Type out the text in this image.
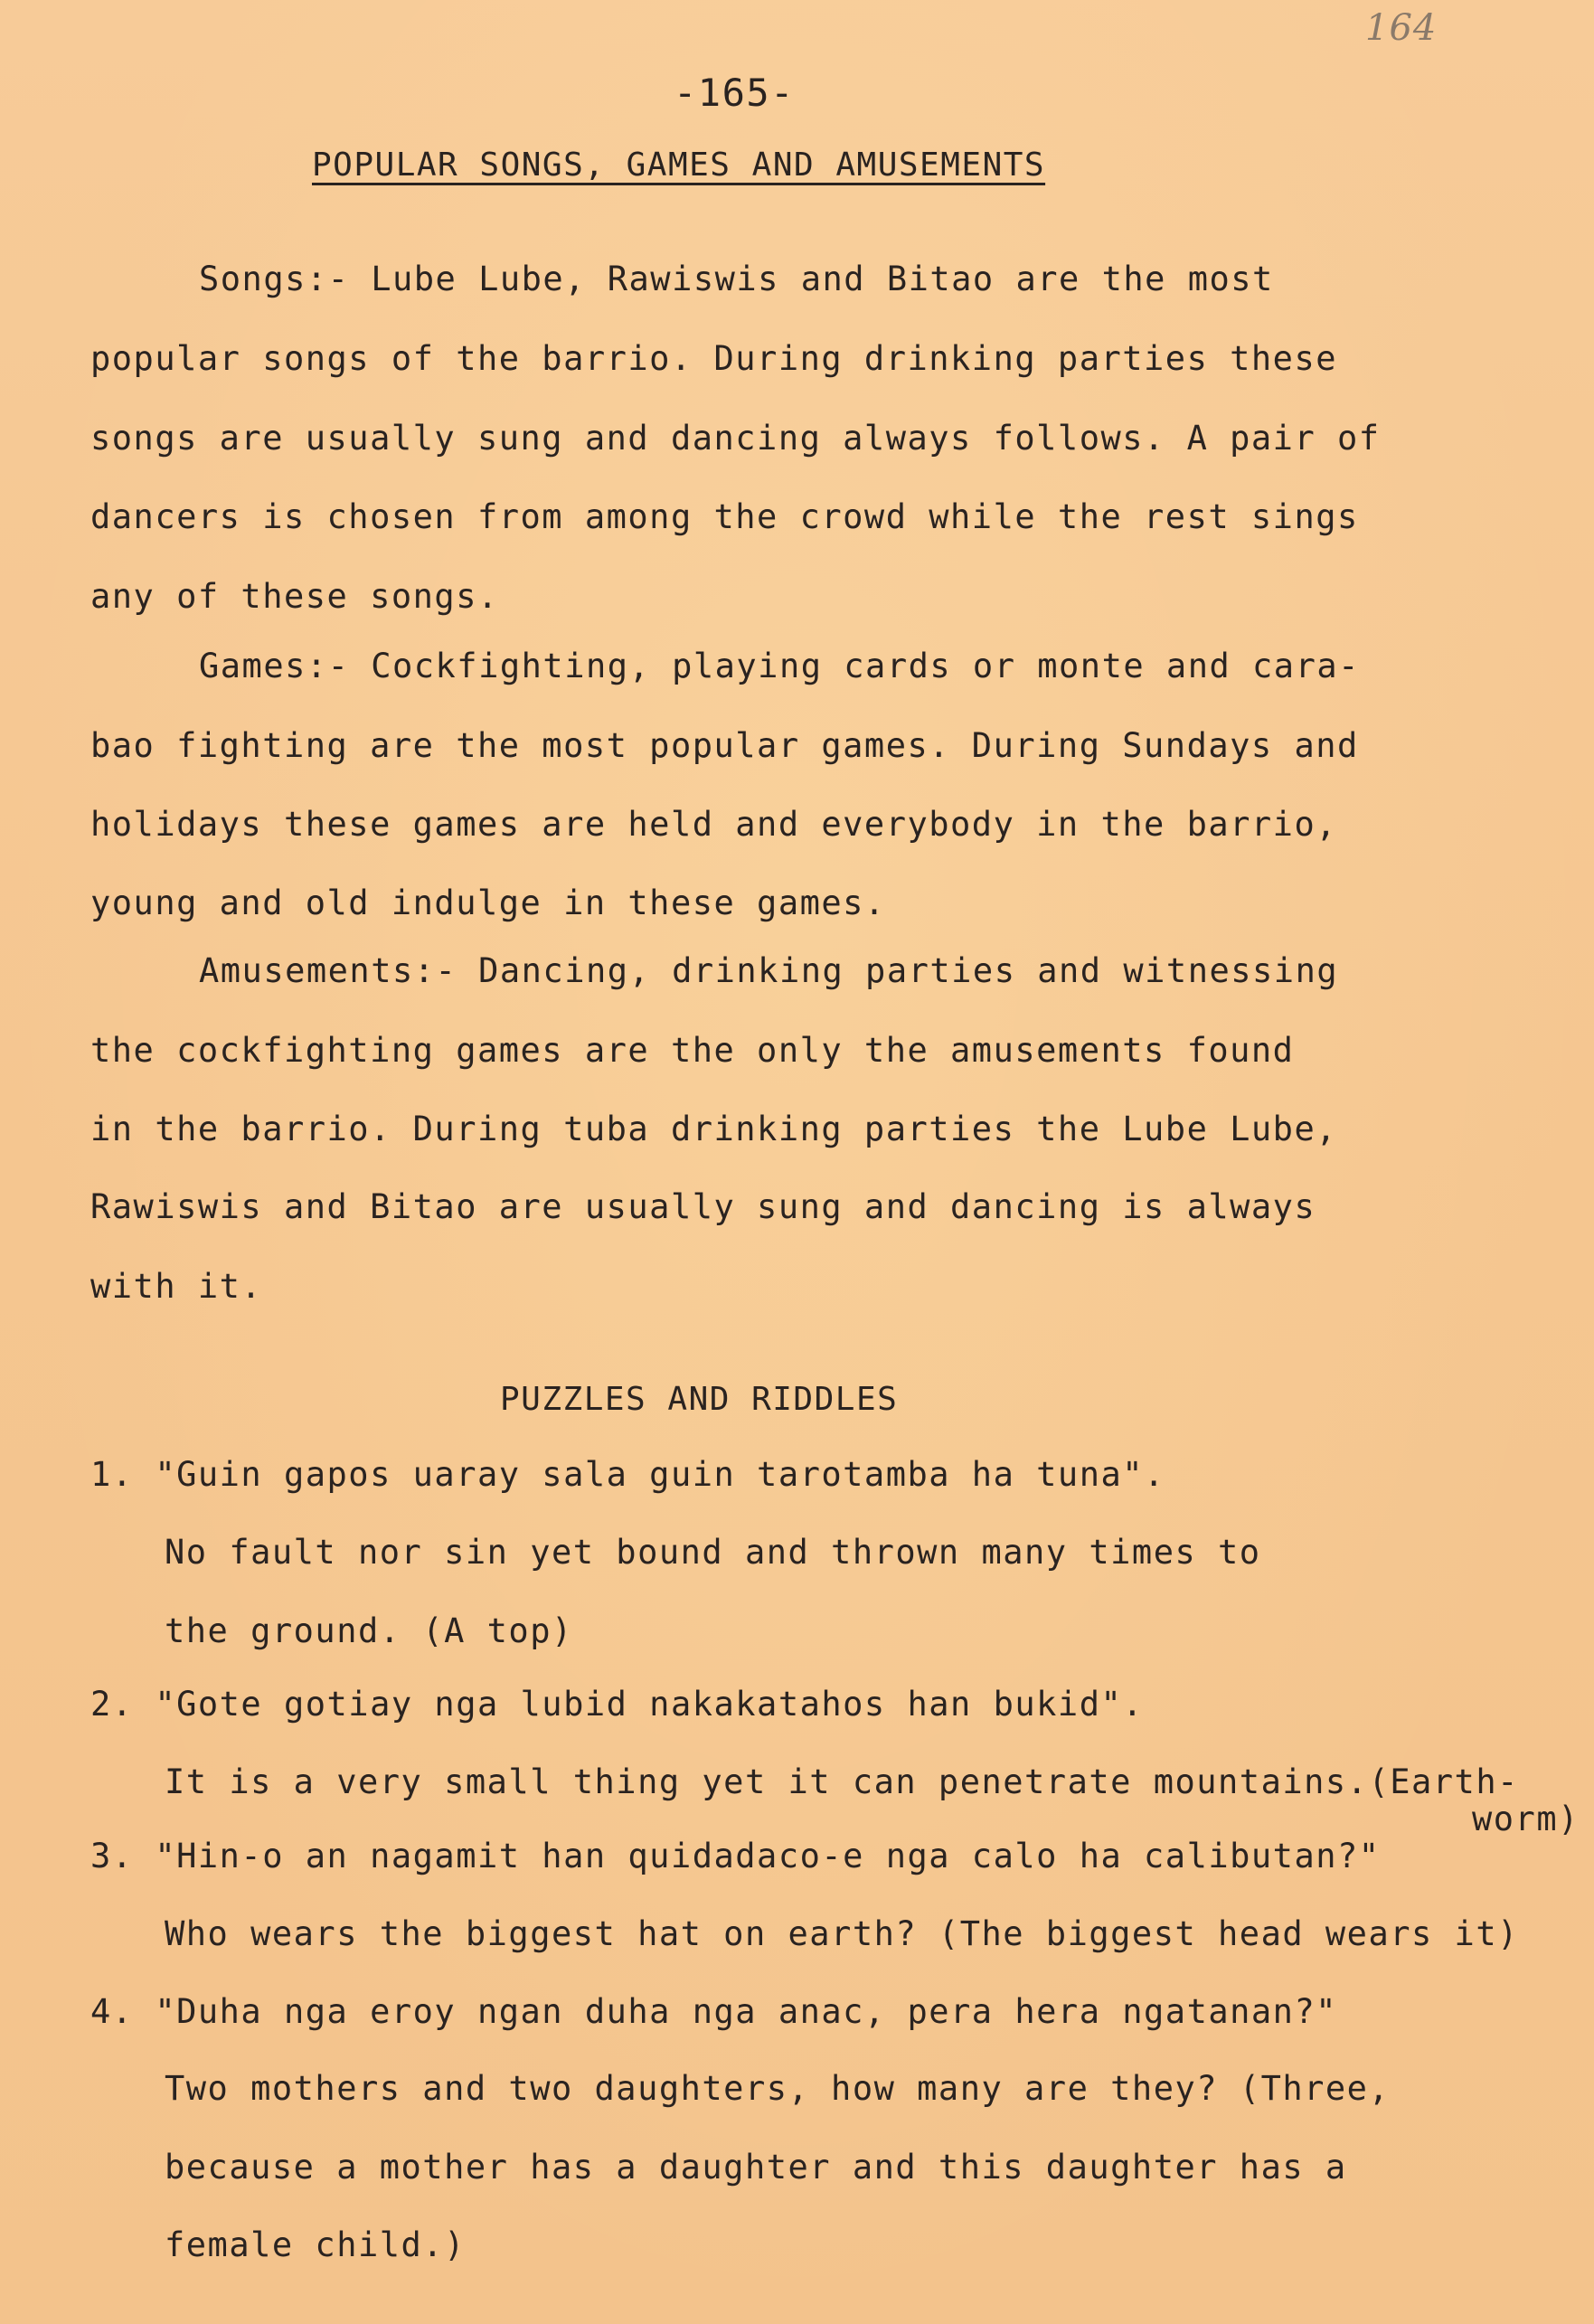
164
-165-
POPULAR SONGS, GAMES AND AMUSEMENTS
Songs:- Lube Lube, Rawiswis and Bitao are the most
popular songs of the barrio. During drinking parties these
songs are usually sung and dancing always follows. A pair of
dancers is chosen from among the crowd while the rest sings
any of these songs.
Games:- Cockfighting, playing cards or monte and cara-
bao fighting are the most popular games. During Sundays and
holidays these games are held and everybody in the barrio,
young and old indulge in these games.
Amusements:- Dancing, drinking parties and witnessing
the cockfighting games are the only the amusements found
in the barrio. During tuba drinking parties the Lube Lube,
Rawiswis and Bitao are usually sung and dancing is always
with it.
PUZZLES AND RIDDLES
1. "Guin gapos uaray sala guin tarotamba ha tuna".
No fault nor sin yet bound and thrown many times to
the ground. (A top)
2. "Gote gotiay nga lubid nakakatahos han bukid".
It is a very small thing yet it can penetrate mountains.(Earth-
worm)
3. "Hin-o an nagamit han quidadaco-e nga calo ha calibutan?"
Who wears the biggest hat on earth? (The biggest head wears it)
4. "Duha nga eroy ngan duha nga anac, pera hera ngatanan?"
Two mothers and two daughters, how many are they? (Three,
because a mother has a daughter and this daughter has a
female child.)
